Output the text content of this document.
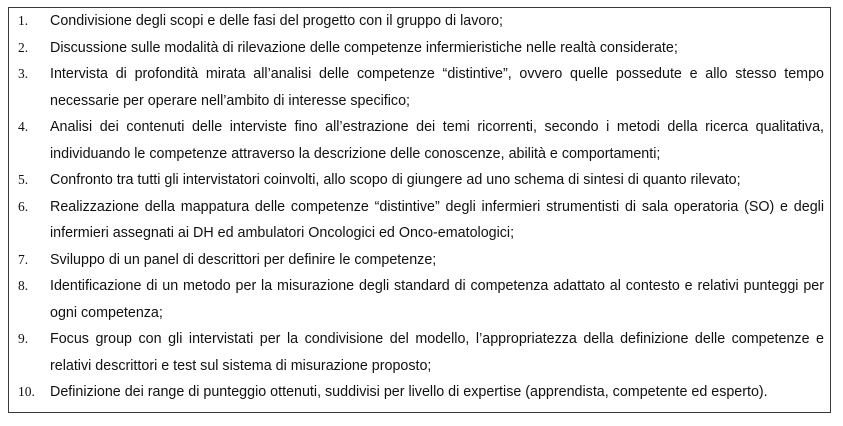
1.	Condivisione degli scopi e delle fasi del progetto con il gruppo di lavoro;
2.	Discussione sulle modalità di rilevazione delle competenze infermieristiche nelle realtà considerate;
3.	Intervista di profondità mirata all’analisi delle competenze “distintive”, ovvero quelle possedute e allo stesso tempo necessarie per operare nell’ambito di interesse specifico;
4.	Analisi dei contenuti delle interviste fino all’estrazione dei temi ricorrenti, secondo i metodi della ricerca qualitativa, individuando le competenze attraverso la descrizione delle conoscenze, abilità e comportamenti;
5.	Confronto tra tutti gli intervistatori coinvolti, allo scopo di giungere ad uno schema di sintesi di quanto rilevato;
6.	Realizzazione della mappatura delle competenze “distintive” degli infermieri strumentisti di sala operatoria (SO) e degli infermieri assegnati ai DH ed ambulatori Oncologici ed Onco-ematologici;
7.	Sviluppo di un panel di descrittori per definire le competenze;
8.	Identificazione di un metodo per la misurazione degli standard di competenza adattato al contesto e relativi punteggi per ogni competenza;
9.	Focus group con gli intervistati per la condivisione del modello, l’appropriatezza della definizione delle competenze e relativi descrittori e test sul sistema di misurazione proposto;
10.	Definizione dei range di punteggio ottenuti, suddivisi per livello di expertise (apprendista, competente ed esperto).
